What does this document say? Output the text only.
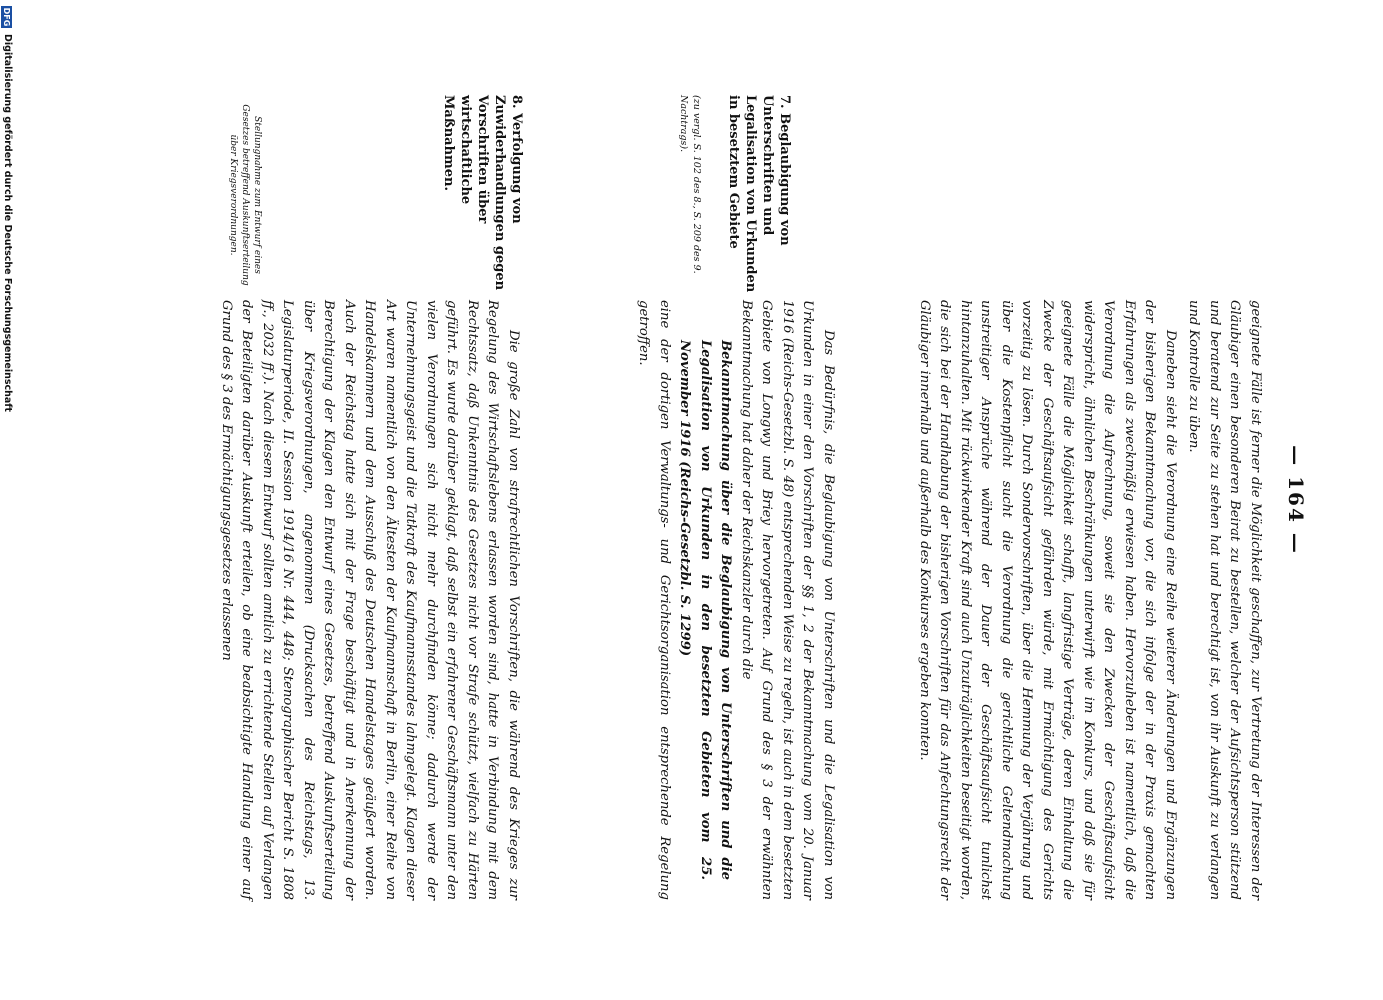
— 164 —

geeignete Fälle ist ferner die Möglichkeit geschaffen, zur Vertretung der Interessen der Gläubiger einen besonderen Beirat zu bestellen, welcher der Aufsichtsperson stützend und beratend zur Seite zu stehen hat und berechtigt ist, von ihr Auskunft zu verlangen und Kontrolle zu üben.

Daneben sieht die Verordnung eine Reihe weiterer Änderungen und Ergänzungen der bisherigen Bekanntmachung vor, die sich infolge der in der Praxis gemachten Erfahrungen als zweckmäßig erwiesen haben. Hervorzuheben ist namentlich, daß die Verordnung die Aufrechnung, soweit sie den Zwecken der Geschäftsaufsicht widerspricht, ähnlichen Beschränkungen unterwirft wie im Konkurs, und daß sie für geeignete Fälle die Möglichkeit schafft, langfristige Verträge, deren Einhaltung die Zwecke der Geschäftsaufsicht gefährden würde, mit Ermächtigung des Gerichts vorzeitig zu lösen. Durch Sondervorschriften, über die Hemmung der Verjährung und über die Kostenpflicht sucht die Verordnung die gerichtliche Geltendmachung unstreitiger Ansprüche während der Dauer der Geschäftsaufsicht tunlichst hintanzuhalten. Mit rückwirkender Kraft sind auch Unzuträglichkeiten beseitigt worden, die sich bei der Handhabung der bisherigen Vorschriften für das Anfechtungsrecht der Gläubiger innerhalb und außerhalb des Konkurses ergeben konnten.

Das Bedürfnis, die Beglaubigung von Unterschriften und die Legalisation von Urkunden in einer den Vorschriften der §§ 1, 2 der Bekanntmachung vom 20. Januar 1916 (Reichs-Gesetzbl. S. 48) entsprechenden Weise zu regeln, ist auch in dem besetzten Gebiete von Longwy und Briey hervorgetreten. Auf Grund des § 3 der erwähnten Bekanntmachung hat daher der Reichskanzler durch die

Bekanntmachung über die Beglaubigung von Unterschriften und die Legalisation von Urkunden in den besetzten Gebieten vom 25. November 1916 (Reichs-Gesetzbl. S. 1299)

eine der dortigen Verwaltungs- und Gerichtsorganisation entsprechende Regelung getroffen.

Die große Zahl von strafrechtlichen Vorschriften, die während des Krieges zur Regelung des Wirtschaftslebens erlassen worden sind, hatte in Verbindung mit dem Rechtssatz, daß Unkenntnis des Gesetzes nicht vor Strafe schützt, vielfach zu Härten geführt. Es wurde darüber geklagt, daß selbst ein erfahrener Geschäftsmann unter den vielen Verordnungen sich nicht mehr durchfinden könne; dadurch werde der Unternehmungsgeist und die Tatkraft des Kaufmannsstandes lahmgelegt. Klagen dieser Art waren namentlich von den Ältesten der Kaufmannschaft in Berlin, einer Reihe von Handelskammern und dem Ausschuß des Deutschen Handelstages geäußert worden. Auch der Reichstag hatte sich mit der Frage beschäftigt und in Anerkennung der Berechtigung der Klagen den Entwurf eines Gesetzes, betreffend Auskunftserteilung über Kriegsverordnungen, angenommen (Drucksachen des Reichstags, 13. Legislaturperiode, II. Session 1914/16 Nr. 444, 448; Stenographischer Bericht S. 1808 ff., 2032 ff.). Nach diesem Entwurf sollten amtlich zu errichtende Stellen auf Verlangen der Beteiligten darüber Auskunft erteilen, ob eine beabsichtigte Handlung einer auf Grund des § 3 des Ermächtigungsgesetzes erlassenen

7. Beglaubigung von Unterschriften und Legalisation von Urkunden in besetztem Gebiete
(zu vergl. S. 102 des 8., S. 209 des 9. Nachtrags).
8. Verfolgung von Zuwiderhandlungen gegen Vorschriften über wirtschaftliche Maßnahmen.
Stellungnahme zum Entwurf eines Gesetzes betreffend Auskunftserteilung über Kriegsverordnungen.
DFG
Digitalisierung gefördert durch die Deutsche Forschungsgemeinschaft
